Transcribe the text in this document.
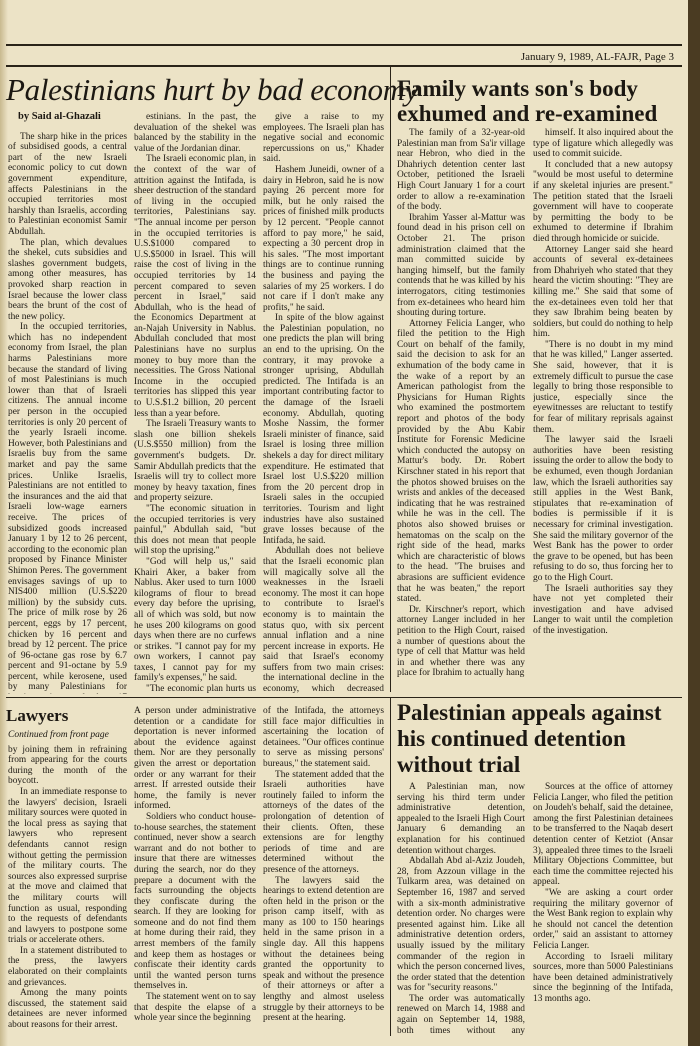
January 9, 1989, AL-FAJR, Page 3
Palestinians hurt by bad economy
by Said al-Ghazali

The sharp hike in the prices of subsidised goods, a central part of the new Israeli economic policy to cut down government expenditure, affects Palestinians in the occupied territories most harshly than Israelis, according to Palestinian economist Samir Abdullah.

The plan, which devalues the shekel, cuts subsidies and slashes government budgets, among other measures, has provoked sharp reaction in Israel because the lower class bears the brunt of the cost of the new policy.

In the occupied territories, which has no independent economy from Israel, the plan harms Palestinians more because the standard of living of most Palestinians is much lower than that of Israeli citizens. The annual income per person in the occupied territories is only 20 percent of the yearly Israeli income. However, both Palestinians and Israelis buy from the same market and pay the same prices. Unlike Israelis, Palestinians are not entitled to the insurances and the aid that Israeli low-wage earners receive. The prices of subsidized goods increased January 1 by 12 to 26 percent, according to the economic plan proposed by Finance Minister Shimon Peres. The government envisages savings of up to NIS400 million (U.S.$220 million) by the subsidy cuts. The price of milk rose by 26 percent, eggs by 17 percent, chicken by 16 percent and bread by 12 percent. The price of 96-octane gas rose by 6.7 percent and 91-octane by 5.9 percent, while kerosene, used by many Palestinians for

estinians. In the past, the devaluation of the shekel was balanced by the stability in the value of the Jordanian dinar.

The Israeli economic plan, in the context of the war of attrition against the Intifada, is sheer destruction of the standard of living in the occupied territories, Palestinians say. "The annual income per person in the occupied territories is U.S.$1000 compared to U.S.$5000 in Israel. This will raise the cost of living in the occupied territories by 14 percent compared to seven percent in Israel," said Abdullah, who is the head of the Economics Department at an-Najah University in Nablus. Abdullah concluded that most Palestinians have no surplus money to buy more than the necessities. The Gross National Income in the occupied territories has slipped this year to U.S.$1.2 billion, 20 percent less than a year before.

The Israeli Treasury wants to slash one billion shekels (U.S.$550 million) from the government's budgets. Dr. Samir Abdullah predicts that the Israelis will try to collect more money by heavy taxation, fines and property seizure.

"The economic situation in the occupied territories is very painful," Abdullah said, "but this does not mean that people will stop the uprising."

"God will help us," said Khairi Aker, a baker from Nablus. Aker used to turn 1000 kilograms of flour to bread every day before the uprising, all of which was sold, but now he uses 200 kilograms on good days when there are no curfews or strikes. "I cannot pay for my own workers, I cannot pay taxes, I cannot pay for my family's expenses," he said.

"The economic plan hurts us

give a raise to my employees. The Israeli plan has negative social and economic repercussions on us," Khader said.

Hashem Juneidi, owner of a dairy in Hebron, said he is now paying 26 percent more for milk, but he only raised the prices of finished milk products by 12 percent. "People cannot afford to pay more," he said, expecting a 30 percent drop in his sales. "The most important things are to continue running the business and paying the salaries of my 25 workers. I do not care if I don't make any profits," he said.

In spite of the blow against the Palestinian population, no one predicts the plan will bring an end to the uprising. On the contrary, it may provoke a stronger uprising, Abdullah predicted. The Intifada is an important contributing factor to the damage of the Israeli economy. Abdullah, quoting Moshe Nassim, the former Israeli minister of finance, said Israel is losing three million shekels a day for direct military expenditure. He estimated that Israel lost U.S.$220 million from the 20 percent drop in Israeli sales in the occupied territories. Tourism and light industries have also sustained grave losses because of the Intifada, he said.

Abdullah does not believe that the Israeli economic plan will magically solve all the weaknesses in the Israeli economy. The most it can hope to contribute to Israel's economy is to maintain the status quo, with six percent annual inflation and a nine percent increase in exports. He said that Israel's economy suffers from two main crises: the international decline in the economy, which decreased

Family wants son's body exhumed and re-examined

The family of a 32-year-old Palestinian man from Sa'ir village near Hebron, who died in the Dhahriych detention center last October, petitioned the Israeli High Court January 1 for a court order to allow a re-examination of the body.

Ibrahim Yasser al-Mattur was found dead in his prison cell on October 21. The prison administration claimed that the man committed suicide by hanging himself, but the family contends that he was killed by his interrogators, citing testimonies from ex-detainees who heard him shouting during torture.

Attorney Felicia Langer, who filed the petition to the High Court on behalf of the family, said the decision to ask for an exhumation of the body came in the wake of a report by an American pathologist from the Physicians for Human Rights who examined the postmortem report and photos of the body provided by the Abu Kabir Institute for Forensic Medicine which conducted the autopsy on Mattur's body. Dr. Robert Kirschner stated in his report that the photos showed bruises on the wrists and ankles of the deceased indicating that he was restrained while he was in the cell. The photos also showed bruises or hematomas on the scalp on the right side of the head, marks which are characteristic of blows to the head. "The bruises and abrasions are sufficient evidence that he was beaten," the report stated.

Dr. Kirschner's report, which attorney Langer included in her petition to the High Court, raised a number of questions about the type of cell that Mattur was held in and whether there was any place for Ibrahim to actually hang

himself. It also inquired about the type of ligature which allegedly was used to commit suicide.

It concluded that a new autopsy "would be most useful to determine if any skeletal injuries are present." The petition stated that the Israeli government will have to cooperate by permitting the body to be exhumed to determine if Ibrahim died through homicide or suicide.

Attorney Langer said she heard accounts of several ex-detainees from Dhahriyeh who stated that they heard the victim shouting: "They are killing me." She said that some of the ex-detainees even told her that they saw Ibrahim being beaten by soldiers, but could do nothing to help him.

"There is no doubt in my mind that he was killed," Langer asserted. She said, however, that it is extremely difficult to pursue the case legally to bring those responsible to justice, especially since the eyewitnesses are reluctant to testify for fear of military reprisals against them.

The lawyer said the Israeli authorities have been resisting issuing the order to allow the body to be exhumed, even though Jordanian law, which the Israeli authorities say still applies in the West Bank, stipulates that re-examination of bodies is permissible if it is necessary for criminal investigation. She said the military governor of the West Bank has the power to order the grave to be opened, but has been refusing to do so, thus forcing her to go to the High Court.

The Israeli authorities say they have not yet completed their investigation and have advised Langer to wait until the completion of the investigation.

Lawyers
Continued from front page

by joining them in refraining from appearing for the courts during the month of the boycott.

In an immediate response to the lawyers' decision, Israeli military sources were quoted in the local press as saying that lawyers who represent defendants cannot resign without getting the permission of the military courts. The sources also expressed surprise at the move and claimed that the military courts will function as usual, responding to the requests of defendants and lawyers to postpone some trials or accelerate others.

In a statement distributed to the press, the lawyers elaborated on their complaints and grievances.

Among the many points discussed, the statement said detainees are never informed about reasons for their arrest.

A person under administrative detention or a candidate for deportation is never informed about the evidence against them. Nor are they personally given the arrest or deportation order or any warrant for their arrest. If arrested outside their home, the family is never informed.

Soldiers who conduct house-to-house searches, the statement continued, never show a search warrant and do not bother to insure that there are witnesses during the search, nor do they prepare a document with the facts surrounding the objects they confiscate during the search. If they are looking for someone and do not find them at home during their raid, they arrest members of the family and keep them as hostages or confiscate their identity cards until the wanted person turns themselves in.

The statement went on to say that despite the elapse of a whole year since the beginning

of the Intifada, the attorneys still face major difficulties in ascertaining the location of detainees. "Our offices continue to serve as missing persons' bureaus," the statement said.

The statement added that the Israeli authorities have routinely failed to inform the attorneys of the dates of the prolongation of detention of their clients. Often, these extensions are for lengthy periods of time and are determined without the presence of the attorneys.

The lawyers said the hearings to extend detention are often held in the prison or the prison camp itself, with as many as 100 to 150 hearings held in the same prison in a single day. All this happens without the detainees being granted the opportunity to speak and without the presence of their attorneys or after a lengthy and almost useless struggle by their attorneys to be present at the hearing.

Palestinian appeals against his continued detention without trial

A Palestinian man, now serving his third term under administrative detention, appealed to the Israeli High Court January 6 demanding an explanation for his continued detention without charges.

Abdallah Abd al-Aziz Joudeh, 28, from Azzoun village in the Tulkarm area, was detained on September 16, 1987 and served with a six-month administrative detention order. No charges were presented against him. Like all administrative detention orders, usually issued by the military commander of the region in which the person concerned lives, the order stated that the detention was for "security reasons."

The order was automatically renewed on March 14, 1988 and again on September 14, 1988, both times without any

Sources at the office of attorney Felicia Langer, who filed the petition on Joudeh's behalf, said the detainee, among the first Palestinian detainees to be transferred to the Naqab desert detention center of Ketziot (Ansar 3), appealed three times to the Israeli Military Objections Committee, but each time the committee rejected his appeal.

"We are asking a court order requiring the military governor of the West Bank region to explain why he should not cancel the detention order," said an assistant to attorney Felicia Langer.

According to Israeli military sources, more than 5000 Palestinians have been detained administratively since the beginning of the Intifada, 13 months ago.
